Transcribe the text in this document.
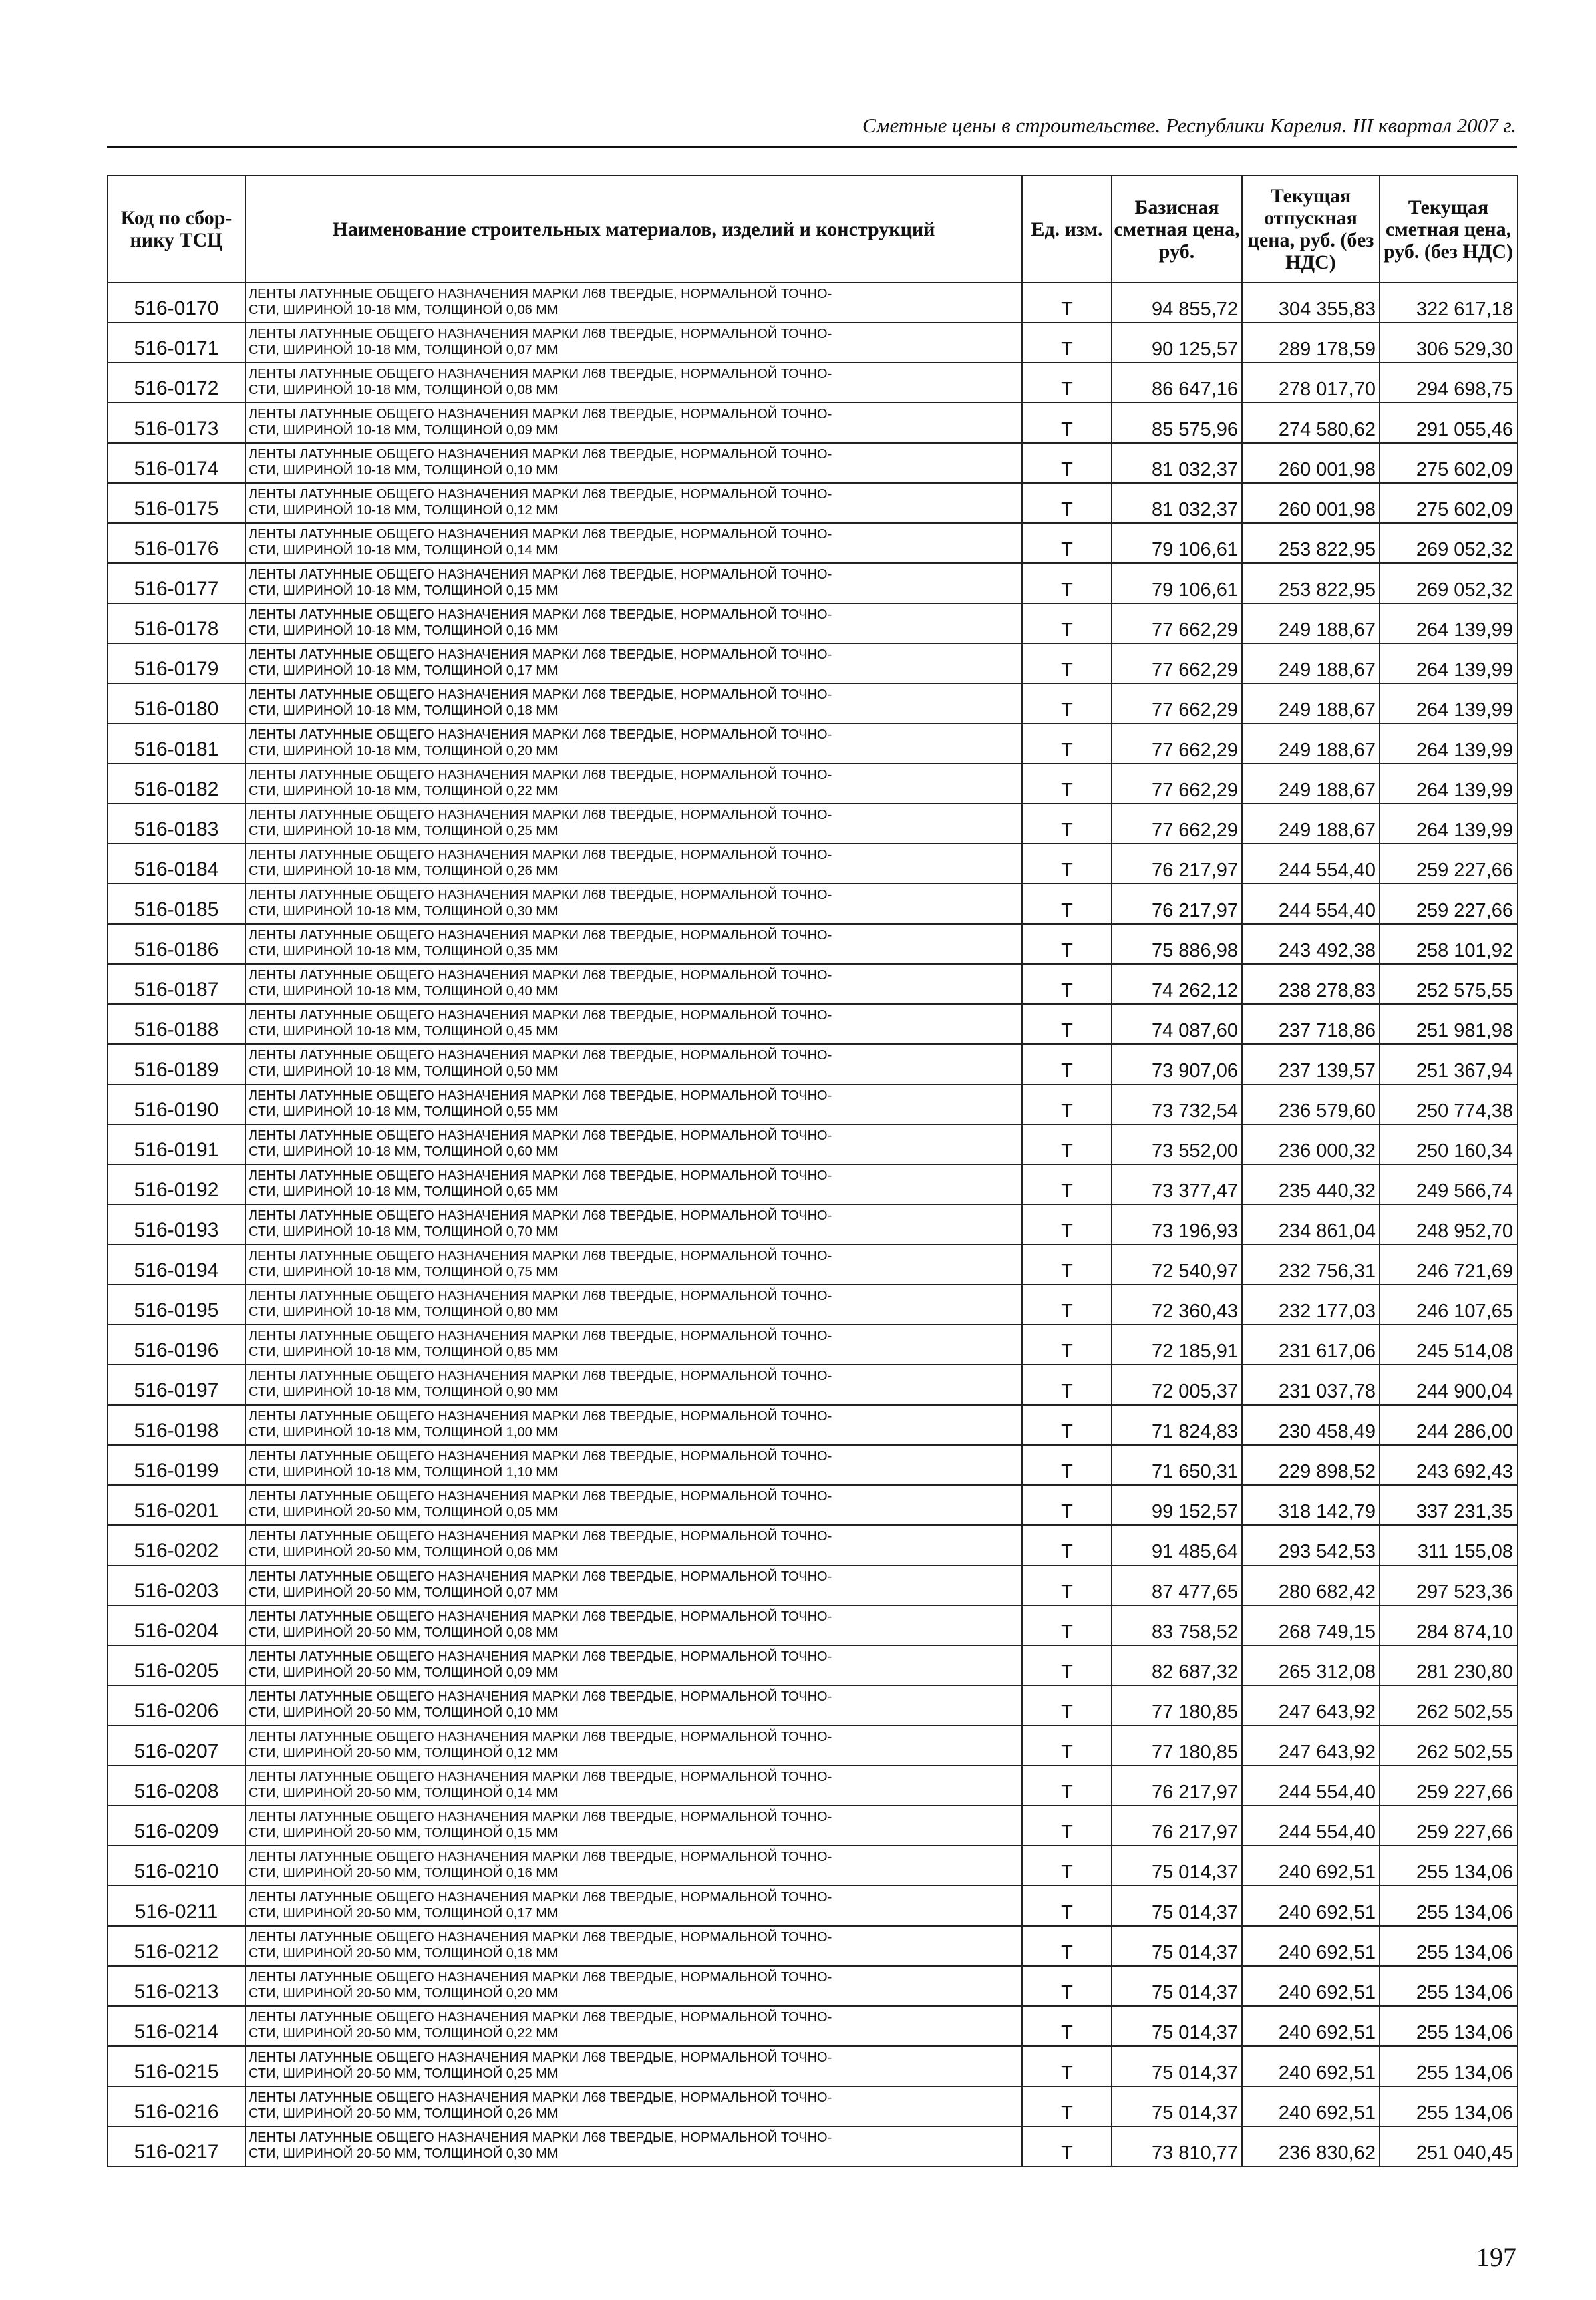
Сметные цены в строительстве. Республики Карелия. III квартал 2007 г.
Код по сбор-нику ТСЦ	Наименование строительных материалов, изделий и конструкций	Ед. изм.	Базисная сметная цена, руб.	Текущая отпускная цена, руб. (без НДС)	Текущая сметная цена, руб. (без НДС)
516-0170	ЛЕНТЫ ЛАТУННЫЕ ОБЩЕГО НАЗНАЧЕНИЯ МАРКИ Л68 ТВЕРДЫЕ, НОРМАЛЬНОЙ ТОЧНО-
СТИ, ШИРИНОЙ 10-18 ММ, ТОЛЩИНОЙ 0,06 ММ	Т	94 855,72	304 355,83	322 617,18
516-0171	ЛЕНТЫ ЛАТУННЫЕ ОБЩЕГО НАЗНАЧЕНИЯ МАРКИ Л68 ТВЕРДЫЕ, НОРМАЛЬНОЙ ТОЧНО-
СТИ, ШИРИНОЙ 10-18 ММ, ТОЛЩИНОЙ 0,07 ММ	Т	90 125,57	289 178,59	306 529,30
516-0172	ЛЕНТЫ ЛАТУННЫЕ ОБЩЕГО НАЗНАЧЕНИЯ МАРКИ Л68 ТВЕРДЫЕ, НОРМАЛЬНОЙ ТОЧНО-
СТИ, ШИРИНОЙ 10-18 ММ, ТОЛЩИНОЙ 0,08 ММ	Т	86 647,16	278 017,70	294 698,75
516-0173	ЛЕНТЫ ЛАТУННЫЕ ОБЩЕГО НАЗНАЧЕНИЯ МАРКИ Л68 ТВЕРДЫЕ, НОРМАЛЬНОЙ ТОЧНО-
СТИ, ШИРИНОЙ 10-18 ММ, ТОЛЩИНОЙ 0,09 ММ	Т	85 575,96	274 580,62	291 055,46
516-0174	ЛЕНТЫ ЛАТУННЫЕ ОБЩЕГО НАЗНАЧЕНИЯ МАРКИ Л68 ТВЕРДЫЕ, НОРМАЛЬНОЙ ТОЧНО-
СТИ, ШИРИНОЙ 10-18 ММ, ТОЛЩИНОЙ 0,10 ММ	Т	81 032,37	260 001,98	275 602,09
516-0175	ЛЕНТЫ ЛАТУННЫЕ ОБЩЕГО НАЗНАЧЕНИЯ МАРКИ Л68 ТВЕРДЫЕ, НОРМАЛЬНОЙ ТОЧНО-
СТИ, ШИРИНОЙ 10-18 ММ, ТОЛЩИНОЙ 0,12 ММ	Т	81 032,37	260 001,98	275 602,09
516-0176	ЛЕНТЫ ЛАТУННЫЕ ОБЩЕГО НАЗНАЧЕНИЯ МАРКИ Л68 ТВЕРДЫЕ, НОРМАЛЬНОЙ ТОЧНО-
СТИ, ШИРИНОЙ 10-18 ММ, ТОЛЩИНОЙ 0,14 ММ	Т	79 106,61	253 822,95	269 052,32
516-0177	ЛЕНТЫ ЛАТУННЫЕ ОБЩЕГО НАЗНАЧЕНИЯ МАРКИ Л68 ТВЕРДЫЕ, НОРМАЛЬНОЙ ТОЧНО-
СТИ, ШИРИНОЙ 10-18 ММ, ТОЛЩИНОЙ 0,15 ММ	Т	79 106,61	253 822,95	269 052,32
516-0178	ЛЕНТЫ ЛАТУННЫЕ ОБЩЕГО НАЗНАЧЕНИЯ МАРКИ Л68 ТВЕРДЫЕ, НОРМАЛЬНОЙ ТОЧНО-
СТИ, ШИРИНОЙ 10-18 ММ, ТОЛЩИНОЙ 0,16 ММ	Т	77 662,29	249 188,67	264 139,99
516-0179	ЛЕНТЫ ЛАТУННЫЕ ОБЩЕГО НАЗНАЧЕНИЯ МАРКИ Л68 ТВЕРДЫЕ, НОРМАЛЬНОЙ ТОЧНО-
СТИ, ШИРИНОЙ 10-18 ММ, ТОЛЩИНОЙ 0,17 ММ	Т	77 662,29	249 188,67	264 139,99
516-0180	ЛЕНТЫ ЛАТУННЫЕ ОБЩЕГО НАЗНАЧЕНИЯ МАРКИ Л68 ТВЕРДЫЕ, НОРМАЛЬНОЙ ТОЧНО-
СТИ, ШИРИНОЙ 10-18 ММ, ТОЛЩИНОЙ 0,18 ММ	Т	77 662,29	249 188,67	264 139,99
516-0181	ЛЕНТЫ ЛАТУННЫЕ ОБЩЕГО НАЗНАЧЕНИЯ МАРКИ Л68 ТВЕРДЫЕ, НОРМАЛЬНОЙ ТОЧНО-
СТИ, ШИРИНОЙ 10-18 ММ, ТОЛЩИНОЙ 0,20 ММ	Т	77 662,29	249 188,67	264 139,99
516-0182	ЛЕНТЫ ЛАТУННЫЕ ОБЩЕГО НАЗНАЧЕНИЯ МАРКИ Л68 ТВЕРДЫЕ, НОРМАЛЬНОЙ ТОЧНО-
СТИ, ШИРИНОЙ 10-18 ММ, ТОЛЩИНОЙ 0,22 ММ	Т	77 662,29	249 188,67	264 139,99
516-0183	ЛЕНТЫ ЛАТУННЫЕ ОБЩЕГО НАЗНАЧЕНИЯ МАРКИ Л68 ТВЕРДЫЕ, НОРМАЛЬНОЙ ТОЧНО-
СТИ, ШИРИНОЙ 10-18 ММ, ТОЛЩИНОЙ 0,25 ММ	Т	77 662,29	249 188,67	264 139,99
516-0184	ЛЕНТЫ ЛАТУННЫЕ ОБЩЕГО НАЗНАЧЕНИЯ МАРКИ Л68 ТВЕРДЫЕ, НОРМАЛЬНОЙ ТОЧНО-
СТИ, ШИРИНОЙ 10-18 ММ, ТОЛЩИНОЙ 0,26 ММ	Т	76 217,97	244 554,40	259 227,66
516-0185	ЛЕНТЫ ЛАТУННЫЕ ОБЩЕГО НАЗНАЧЕНИЯ МАРКИ Л68 ТВЕРДЫЕ, НОРМАЛЬНОЙ ТОЧНО-
СТИ, ШИРИНОЙ 10-18 ММ, ТОЛЩИНОЙ 0,30 ММ	Т	76 217,97	244 554,40	259 227,66
516-0186	ЛЕНТЫ ЛАТУННЫЕ ОБЩЕГО НАЗНАЧЕНИЯ МАРКИ Л68 ТВЕРДЫЕ, НОРМАЛЬНОЙ ТОЧНО-
СТИ, ШИРИНОЙ 10-18 ММ, ТОЛЩИНОЙ 0,35 ММ	Т	75 886,98	243 492,38	258 101,92
516-0187	ЛЕНТЫ ЛАТУННЫЕ ОБЩЕГО НАЗНАЧЕНИЯ МАРКИ Л68 ТВЕРДЫЕ, НОРМАЛЬНОЙ ТОЧНО-
СТИ, ШИРИНОЙ 10-18 ММ, ТОЛЩИНОЙ 0,40 ММ	Т	74 262,12	238 278,83	252 575,55
516-0188	ЛЕНТЫ ЛАТУННЫЕ ОБЩЕГО НАЗНАЧЕНИЯ МАРКИ Л68 ТВЕРДЫЕ, НОРМАЛЬНОЙ ТОЧНО-
СТИ, ШИРИНОЙ 10-18 ММ, ТОЛЩИНОЙ 0,45 ММ	Т	74 087,60	237 718,86	251 981,98
516-0189	ЛЕНТЫ ЛАТУННЫЕ ОБЩЕГО НАЗНАЧЕНИЯ МАРКИ Л68 ТВЕРДЫЕ, НОРМАЛЬНОЙ ТОЧНО-
СТИ, ШИРИНОЙ 10-18 ММ, ТОЛЩИНОЙ 0,50 ММ	Т	73 907,06	237 139,57	251 367,94
516-0190	ЛЕНТЫ ЛАТУННЫЕ ОБЩЕГО НАЗНАЧЕНИЯ МАРКИ Л68 ТВЕРДЫЕ, НОРМАЛЬНОЙ ТОЧНО-
СТИ, ШИРИНОЙ 10-18 ММ, ТОЛЩИНОЙ 0,55 ММ	Т	73 732,54	236 579,60	250 774,38
516-0191	ЛЕНТЫ ЛАТУННЫЕ ОБЩЕГО НАЗНАЧЕНИЯ МАРКИ Л68 ТВЕРДЫЕ, НОРМАЛЬНОЙ ТОЧНО-
СТИ, ШИРИНОЙ 10-18 ММ, ТОЛЩИНОЙ 0,60 ММ	Т	73 552,00	236 000,32	250 160,34
516-0192	ЛЕНТЫ ЛАТУННЫЕ ОБЩЕГО НАЗНАЧЕНИЯ МАРКИ Л68 ТВЕРДЫЕ, НОРМАЛЬНОЙ ТОЧНО-
СТИ, ШИРИНОЙ 10-18 ММ, ТОЛЩИНОЙ 0,65 ММ	Т	73 377,47	235 440,32	249 566,74
516-0193	ЛЕНТЫ ЛАТУННЫЕ ОБЩЕГО НАЗНАЧЕНИЯ МАРКИ Л68 ТВЕРДЫЕ, НОРМАЛЬНОЙ ТОЧНО-
СТИ, ШИРИНОЙ 10-18 ММ, ТОЛЩИНОЙ 0,70 ММ	Т	73 196,93	234 861,04	248 952,70
516-0194	ЛЕНТЫ ЛАТУННЫЕ ОБЩЕГО НАЗНАЧЕНИЯ МАРКИ Л68 ТВЕРДЫЕ, НОРМАЛЬНОЙ ТОЧНО-
СТИ, ШИРИНОЙ 10-18 ММ, ТОЛЩИНОЙ 0,75 ММ	Т	72 540,97	232 756,31	246 721,69
516-0195	ЛЕНТЫ ЛАТУННЫЕ ОБЩЕГО НАЗНАЧЕНИЯ МАРКИ Л68 ТВЕРДЫЕ, НОРМАЛЬНОЙ ТОЧНО-
СТИ, ШИРИНОЙ 10-18 ММ, ТОЛЩИНОЙ 0,80 ММ	Т	72 360,43	232 177,03	246 107,65
516-0196	ЛЕНТЫ ЛАТУННЫЕ ОБЩЕГО НАЗНАЧЕНИЯ МАРКИ Л68 ТВЕРДЫЕ, НОРМАЛЬНОЙ ТОЧНО-
СТИ, ШИРИНОЙ 10-18 ММ, ТОЛЩИНОЙ 0,85 ММ	Т	72 185,91	231 617,06	245 514,08
516-0197	ЛЕНТЫ ЛАТУННЫЕ ОБЩЕГО НАЗНАЧЕНИЯ МАРКИ Л68 ТВЕРДЫЕ, НОРМАЛЬНОЙ ТОЧНО-
СТИ, ШИРИНОЙ 10-18 ММ, ТОЛЩИНОЙ 0,90 ММ	Т	72 005,37	231 037,78	244 900,04
516-0198	ЛЕНТЫ ЛАТУННЫЕ ОБЩЕГО НАЗНАЧЕНИЯ МАРКИ Л68 ТВЕРДЫЕ, НОРМАЛЬНОЙ ТОЧНО-
СТИ, ШИРИНОЙ 10-18 ММ, ТОЛЩИНОЙ 1,00 ММ	Т	71 824,83	230 458,49	244 286,00
516-0199	ЛЕНТЫ ЛАТУННЫЕ ОБЩЕГО НАЗНАЧЕНИЯ МАРКИ Л68 ТВЕРДЫЕ, НОРМАЛЬНОЙ ТОЧНО-
СТИ, ШИРИНОЙ 10-18 ММ, ТОЛЩИНОЙ 1,10 ММ	Т	71 650,31	229 898,52	243 692,43
516-0201	ЛЕНТЫ ЛАТУННЫЕ ОБЩЕГО НАЗНАЧЕНИЯ МАРКИ Л68 ТВЕРДЫЕ, НОРМАЛЬНОЙ ТОЧНО-
СТИ, ШИРИНОЙ 20-50 ММ, ТОЛЩИНОЙ 0,05 ММ	Т	99 152,57	318 142,79	337 231,35
516-0202	ЛЕНТЫ ЛАТУННЫЕ ОБЩЕГО НАЗНАЧЕНИЯ МАРКИ Л68 ТВЕРДЫЕ, НОРМАЛЬНОЙ ТОЧНО-
СТИ, ШИРИНОЙ 20-50 ММ, ТОЛЩИНОЙ 0,06 ММ	Т	91 485,64	293 542,53	311 155,08
516-0203	ЛЕНТЫ ЛАТУННЫЕ ОБЩЕГО НАЗНАЧЕНИЯ МАРКИ Л68 ТВЕРДЫЕ, НОРМАЛЬНОЙ ТОЧНО-
СТИ, ШИРИНОЙ 20-50 ММ, ТОЛЩИНОЙ 0,07 ММ	Т	87 477,65	280 682,42	297 523,36
516-0204	ЛЕНТЫ ЛАТУННЫЕ ОБЩЕГО НАЗНАЧЕНИЯ МАРКИ Л68 ТВЕРДЫЕ, НОРМАЛЬНОЙ ТОЧНО-
СТИ, ШИРИНОЙ 20-50 ММ, ТОЛЩИНОЙ 0,08 ММ	Т	83 758,52	268 749,15	284 874,10
516-0205	ЛЕНТЫ ЛАТУННЫЕ ОБЩЕГО НАЗНАЧЕНИЯ МАРКИ Л68 ТВЕРДЫЕ, НОРМАЛЬНОЙ ТОЧНО-
СТИ, ШИРИНОЙ 20-50 ММ, ТОЛЩИНОЙ 0,09 ММ	Т	82 687,32	265 312,08	281 230,80
516-0206	ЛЕНТЫ ЛАТУННЫЕ ОБЩЕГО НАЗНАЧЕНИЯ МАРКИ Л68 ТВЕРДЫЕ, НОРМАЛЬНОЙ ТОЧНО-
СТИ, ШИРИНОЙ 20-50 ММ, ТОЛЩИНОЙ 0,10 ММ	Т	77 180,85	247 643,92	262 502,55
516-0207	ЛЕНТЫ ЛАТУННЫЕ ОБЩЕГО НАЗНАЧЕНИЯ МАРКИ Л68 ТВЕРДЫЕ, НОРМАЛЬНОЙ ТОЧНО-
СТИ, ШИРИНОЙ 20-50 ММ, ТОЛЩИНОЙ 0,12 ММ	Т	77 180,85	247 643,92	262 502,55
516-0208	ЛЕНТЫ ЛАТУННЫЕ ОБЩЕГО НАЗНАЧЕНИЯ МАРКИ Л68 ТВЕРДЫЕ, НОРМАЛЬНОЙ ТОЧНО-
СТИ, ШИРИНОЙ 20-50 ММ, ТОЛЩИНОЙ 0,14 ММ	Т	76 217,97	244 554,40	259 227,66
516-0209	ЛЕНТЫ ЛАТУННЫЕ ОБЩЕГО НАЗНАЧЕНИЯ МАРКИ Л68 ТВЕРДЫЕ, НОРМАЛЬНОЙ ТОЧНО-
СТИ, ШИРИНОЙ 20-50 ММ, ТОЛЩИНОЙ 0,15 ММ	Т	76 217,97	244 554,40	259 227,66
516-0210	ЛЕНТЫ ЛАТУННЫЕ ОБЩЕГО НАЗНАЧЕНИЯ МАРКИ Л68 ТВЕРДЫЕ, НОРМАЛЬНОЙ ТОЧНО-
СТИ, ШИРИНОЙ 20-50 ММ, ТОЛЩИНОЙ 0,16 ММ	Т	75 014,37	240 692,51	255 134,06
516-0211	ЛЕНТЫ ЛАТУННЫЕ ОБЩЕГО НАЗНАЧЕНИЯ МАРКИ Л68 ТВЕРДЫЕ, НОРМАЛЬНОЙ ТОЧНО-
СТИ, ШИРИНОЙ 20-50 ММ, ТОЛЩИНОЙ 0,17 ММ	Т	75 014,37	240 692,51	255 134,06
516-0212	ЛЕНТЫ ЛАТУННЫЕ ОБЩЕГО НАЗНАЧЕНИЯ МАРКИ Л68 ТВЕРДЫЕ, НОРМАЛЬНОЙ ТОЧНО-
СТИ, ШИРИНОЙ 20-50 ММ, ТОЛЩИНОЙ 0,18 ММ	Т	75 014,37	240 692,51	255 134,06
516-0213	ЛЕНТЫ ЛАТУННЫЕ ОБЩЕГО НАЗНАЧЕНИЯ МАРКИ Л68 ТВЕРДЫЕ, НОРМАЛЬНОЙ ТОЧНО-
СТИ, ШИРИНОЙ 20-50 ММ, ТОЛЩИНОЙ 0,20 ММ	Т	75 014,37	240 692,51	255 134,06
516-0214	ЛЕНТЫ ЛАТУННЫЕ ОБЩЕГО НАЗНАЧЕНИЯ МАРКИ Л68 ТВЕРДЫЕ, НОРМАЛЬНОЙ ТОЧНО-
СТИ, ШИРИНОЙ 20-50 ММ, ТОЛЩИНОЙ 0,22 ММ	Т	75 014,37	240 692,51	255 134,06
516-0215	ЛЕНТЫ ЛАТУННЫЕ ОБЩЕГО НАЗНАЧЕНИЯ МАРКИ Л68 ТВЕРДЫЕ, НОРМАЛЬНОЙ ТОЧНО-
СТИ, ШИРИНОЙ 20-50 ММ, ТОЛЩИНОЙ 0,25 ММ	Т	75 014,37	240 692,51	255 134,06
516-0216	ЛЕНТЫ ЛАТУННЫЕ ОБЩЕГО НАЗНАЧЕНИЯ МАРКИ Л68 ТВЕРДЫЕ, НОРМАЛЬНОЙ ТОЧНО-
СТИ, ШИРИНОЙ 20-50 ММ, ТОЛЩИНОЙ 0,26 ММ	Т	75 014,37	240 692,51	255 134,06
516-0217	ЛЕНТЫ ЛАТУННЫЕ ОБЩЕГО НАЗНАЧЕНИЯ МАРКИ Л68 ТВЕРДЫЕ, НОРМАЛЬНОЙ ТОЧНО-
СТИ, ШИРИНОЙ 20-50 ММ, ТОЛЩИНОЙ 0,30 ММ	Т	73 810,77	236 830,62	251 040,45
197
